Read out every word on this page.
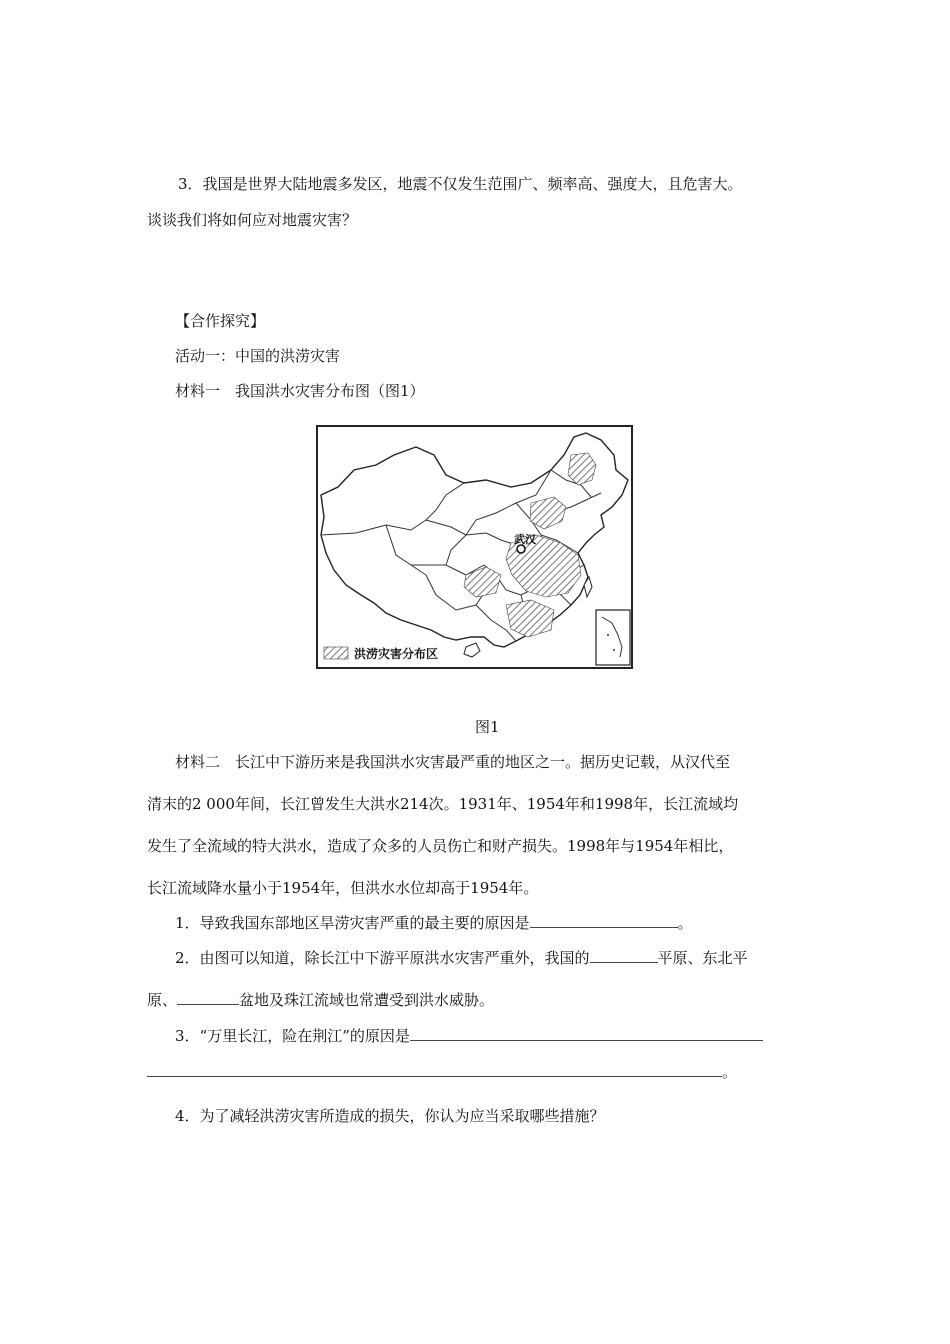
3．我国是世界大陆地震多发区，地震不仅发生范围广、频率高、强度大，且危害大。
谈谈我们将如何应对地震灾害？
【合作探究】
活动一：中国的洪涝灾害
材料一　我国洪水灾害分布图（图1）
武汉
洪涝灾害分布区
图1
材料二　长江中下游历来是我国洪水灾害最严重的地区之一。据历史记载，从汉代至
清末的2 000年间，长江曾发生大洪水214次。1931年、1954年和1998年，长江流域均
发生了全流域的特大洪水，造成了众多的人员伤亡和财产损失。1998年与1954年相比，
长江流域降水量小于1954年，但洪水水位却高于1954年。
1．导致我国东部地区旱涝灾害严重的最主要的原因是	。
2．由图可以知道，除长江中下游平原洪水灾害严重外，我国的	平原、东北平
原、	盆地及珠江流域也常遭受到洪水威胁。
3．“万里长江，险在荆江”的原因是
。
4．为了减轻洪涝灾害所造成的损失，你认为应当采取哪些措施？
